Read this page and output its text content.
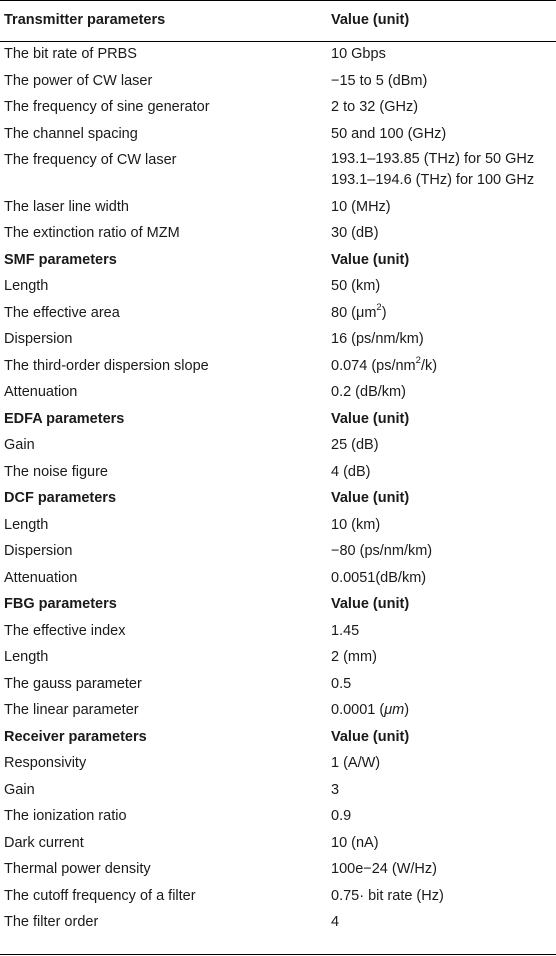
Transmitter parameters	Value (unit)
The bit rate of PRBS	10 Gbps
The power of CW laser	−15 to 5 (dBm)
The frequency of sine generator	2 to 32 (GHz)
The channel spacing	50 and 100 (GHz)
The frequency of CW laser	193.1–193.85 (THz) for 50 GHz
193.1–194.6 (THz) for 100 GHz
The laser line width	10 (MHz)
The extinction ratio of MZM	30 (dB)
SMF parameters	Value (unit)
Length	50 (km)
The effective area	80 $(\mu m^2)$
Dispersion	16 (ps/nm/km)
The third-order dispersion slope	0.074 $(ps/nm^2/k)$
Attenuation	0.2 (dB/km)
EDFA parameters	Value (unit)
Gain	25 (dB)
The noise figure	4 (dB)
DCF parameters	Value (unit)
Length	10 (km)
Dispersion	−80 (ps/nm/km)
Attenuation	0.0051(dB/km)
FBG parameters	Value (unit)
The effective index	1.45
Length	2 (mm)
The gauss parameter	0.5
The linear parameter	0.0001 (μm)
Receiver parameters	Value (unit)
Responsivity	1 (A/W)
Gain	3
The ionization ratio	0.9
Dark current	10 (nA)
Thermal power density	100e−24 (W/Hz)
The cutoff frequency of a filter	0.75· bit rate (Hz)
The filter order	4
